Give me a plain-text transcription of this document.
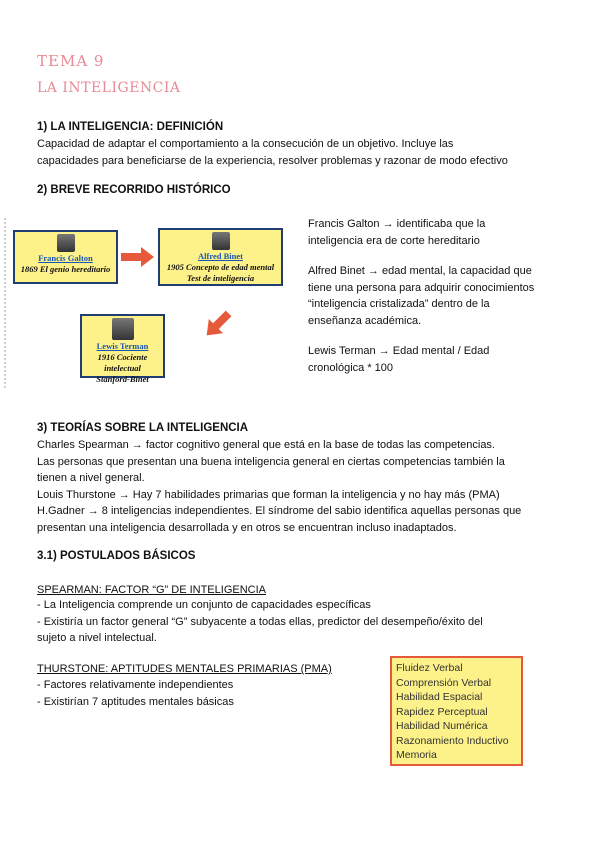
TEMA 9
LA INTELIGENCIA
1) LA INTELIGENCIA: DEFINICIÓN
Capacidad de adaptar el comportamiento a la consecución de un objetivo. Incluye las
capacidades para beneficiarse de la experiencia, resolver problemas y razonar de modo efectivo
2) BREVE RECORRIDO HISTÓRICO
Francis Galton
1869 El genio hereditario
Alfred Binet
1905 Concepto de edad mental
Test de inteligencia
Lewis Terman
1916 Cociente intelectual
Stanford-Binet
Francis Galton → identificaba que la
inteligencia era de corte hereditario
Alfred Binet → edad mental, la capacidad que
tiene una persona para adquirir conocimientos
“inteligencia cristalizada” dentro de la
enseñanza académica.
Lewis Terman → Edad mental / Edad
cronológica * 100
3) TEORÍAS SOBRE LA INTELIGENCIA
Charles Spearman → factor cognitivo general que está en la base de todas las competencias.
Las personas que presentan una buena inteligencia general en ciertas competencias también la
tienen a nivel general.
Louis Thurstone → Hay 7 habilidades primarias que forman la inteligencia y no hay más (PMA)
H.Gadner → 8 inteligencias independientes. El síndrome del sabio identifica aquellas personas que
presentan una inteligencia desarrollada y en otros se encuentran incluso inadaptados.
3.1) POSTULADOS BÁSICOS
SPEARMAN: FACTOR “G” DE INTELIGENCIA
- La Inteligencia comprende un conjunto de capacidades específicas
- Existiría un factor general “G” subyacente a todas ellas, predictor del desempeño/éxito del
sujeto a nivel intelectual.
THURSTONE: APTITUDES MENTALES PRIMARIAS (PMA)
- Factores relativamente independientes
- Existirían 7 aptitudes mentales básicas
Fluidez Verbal
Comprensión Verbal
Habilidad Espacial
Rapidez Perceptual
Habilidad Numérica
Razonamiento Inductivo
Memoria
